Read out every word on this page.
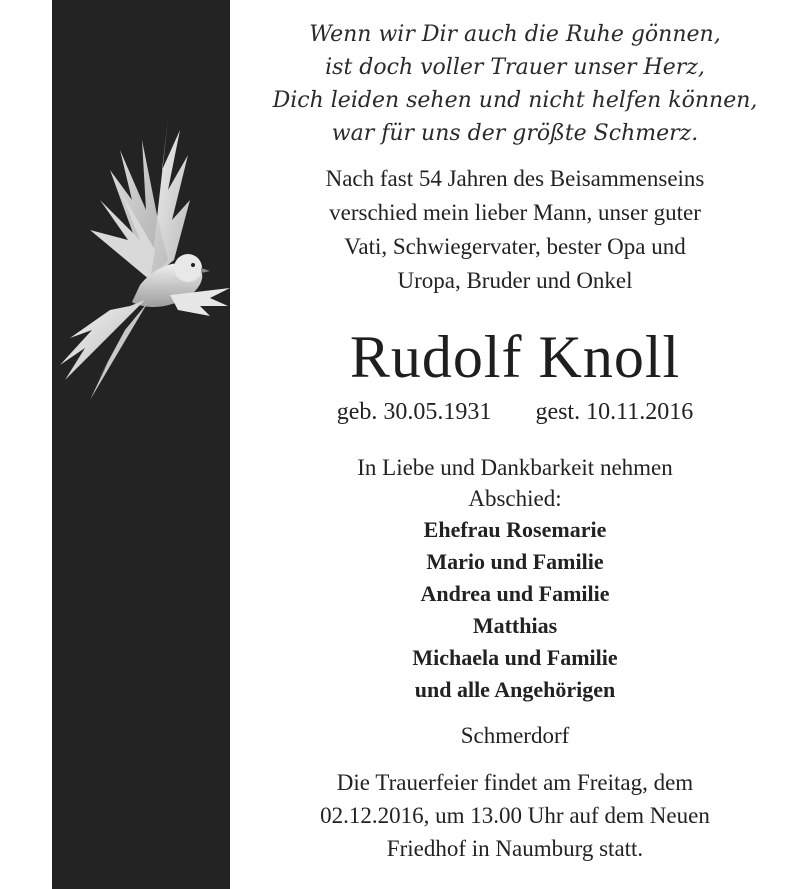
Wenn wir Dir auch die Ruhe gönnen,
ist doch voller Trauer unser Herz,
Dich leiden sehen und nicht helfen können,
war für uns der größte Schmerz.
Nach fast 54 Jahren des Beisammenseins
verschied mein lieber Mann, unser guter
Vati, Schwiegervater, bester Opa und
Uropa, Bruder und Onkel
Rudolf Knoll
geb. 30.05.1931 gest. 10.11.2016
In Liebe und Dankbarkeit nehmen
Abschied:
Ehefrau Rosemarie
Mario und Familie
Andrea und Familie
Matthias
Michaela und Familie
und alle Angehörigen
Schmerdorf
Die Trauerfeier findet am Freitag, dem
02.12.2016, um 13.00 Uhr auf dem Neuen
Friedhof in Naumburg statt.
